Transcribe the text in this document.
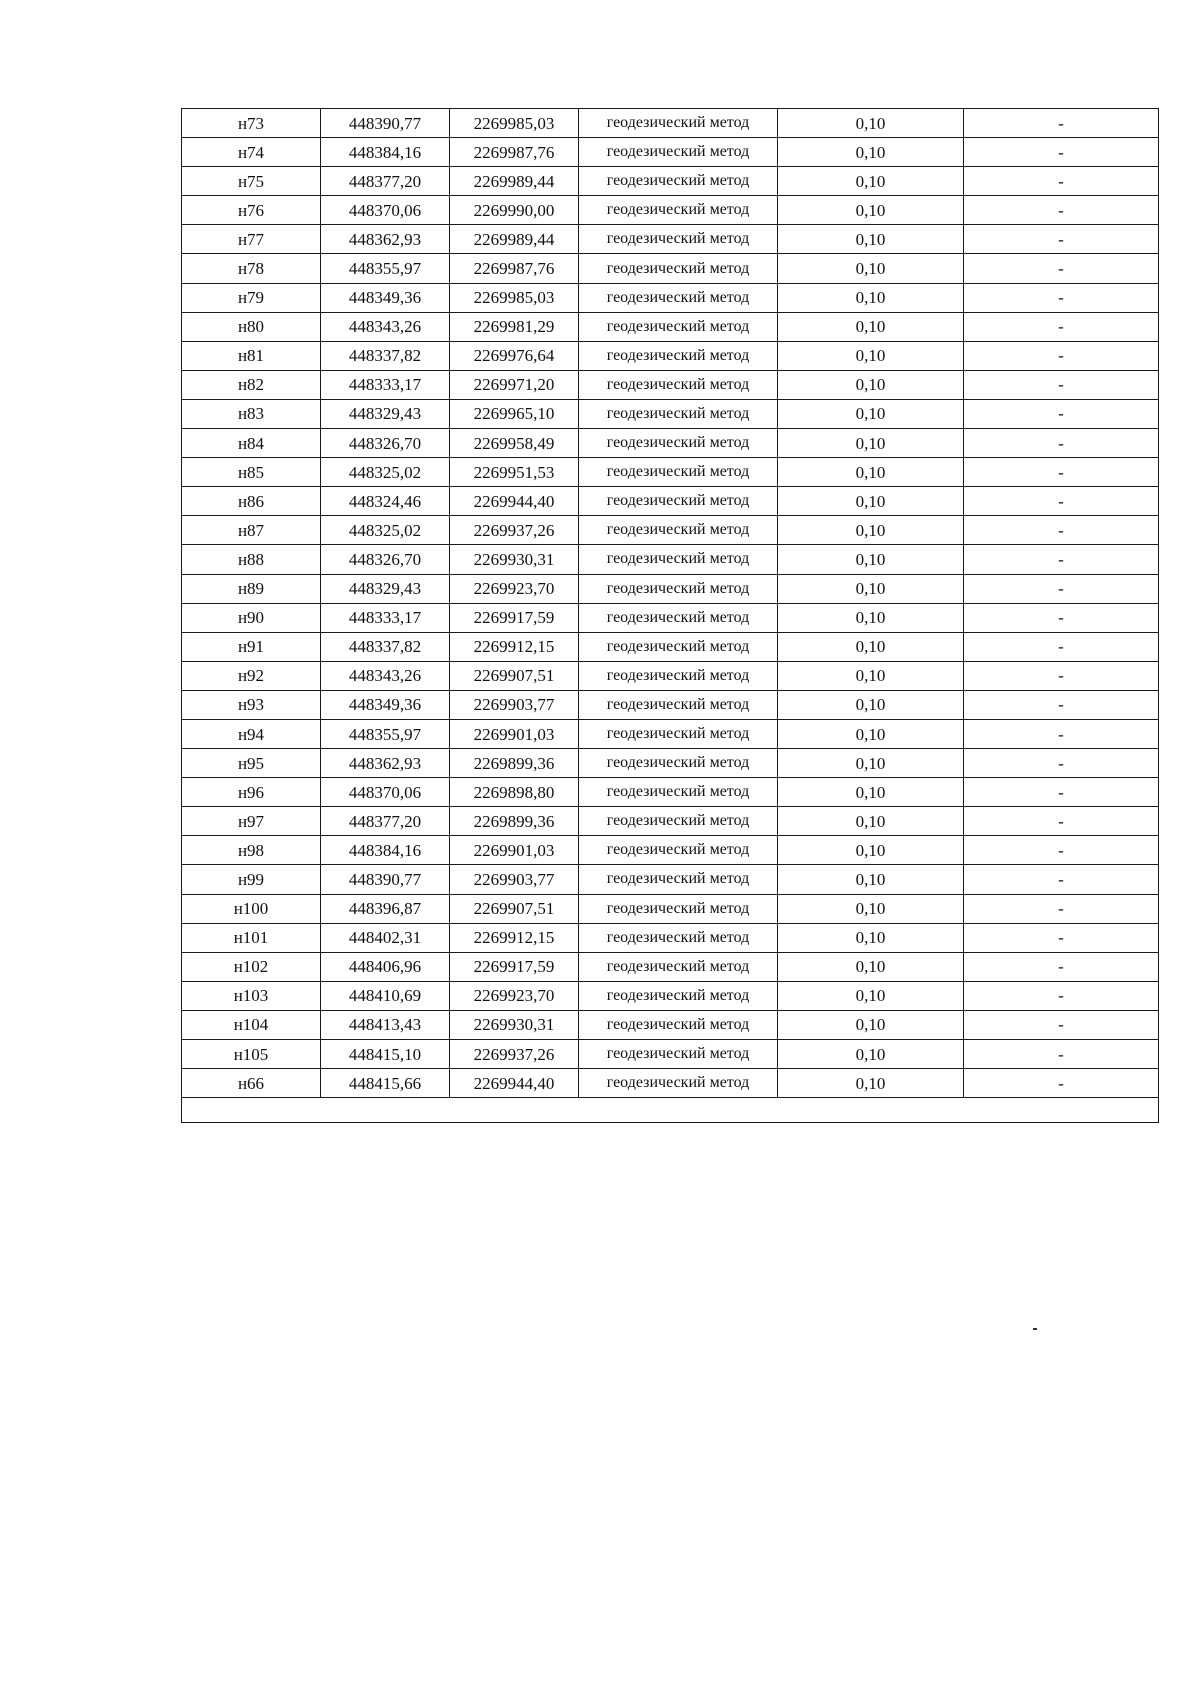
н73	448390,77	2269985,03	геодезический метод	0,10	-
н74	448384,16	2269987,76	геодезический метод	0,10	-
н75	448377,20	2269989,44	геодезический метод	0,10	-
н76	448370,06	2269990,00	геодезический метод	0,10	-
н77	448362,93	2269989,44	геодезический метод	0,10	-
н78	448355,97	2269987,76	геодезический метод	0,10	-
н79	448349,36	2269985,03	геодезический метод	0,10	-
н80	448343,26	2269981,29	геодезический метод	0,10	-
н81	448337,82	2269976,64	геодезический метод	0,10	-
н82	448333,17	2269971,20	геодезический метод	0,10	-
н83	448329,43	2269965,10	геодезический метод	0,10	-
н84	448326,70	2269958,49	геодезический метод	0,10	-
н85	448325,02	2269951,53	геодезический метод	0,10	-
н86	448324,46	2269944,40	геодезический метод	0,10	-
н87	448325,02	2269937,26	геодезический метод	0,10	-
н88	448326,70	2269930,31	геодезический метод	0,10	-
н89	448329,43	2269923,70	геодезический метод	0,10	-
н90	448333,17	2269917,59	геодезический метод	0,10	-
н91	448337,82	2269912,15	геодезический метод	0,10	-
н92	448343,26	2269907,51	геодезический метод	0,10	-
н93	448349,36	2269903,77	геодезический метод	0,10	-
н94	448355,97	2269901,03	геодезический метод	0,10	-
н95	448362,93	2269899,36	геодезический метод	0,10	-
н96	448370,06	2269898,80	геодезический метод	0,10	-
н97	448377,20	2269899,36	геодезический метод	0,10	-
н98	448384,16	2269901,03	геодезический метод	0,10	-
н99	448390,77	2269903,77	геодезический метод	0,10	-
н100	448396,87	2269907,51	геодезический метод	0,10	-
н101	448402,31	2269912,15	геодезический метод	0,10	-
н102	448406,96	2269917,59	геодезический метод	0,10	-
н103	448410,69	2269923,70	геодезический метод	0,10	-
н104	448413,43	2269930,31	геодезический метод	0,10	-
н105	448415,10	2269937,26	геодезический метод	0,10	-
н66	448415,66	2269944,40	геодезический метод	0,10	-
